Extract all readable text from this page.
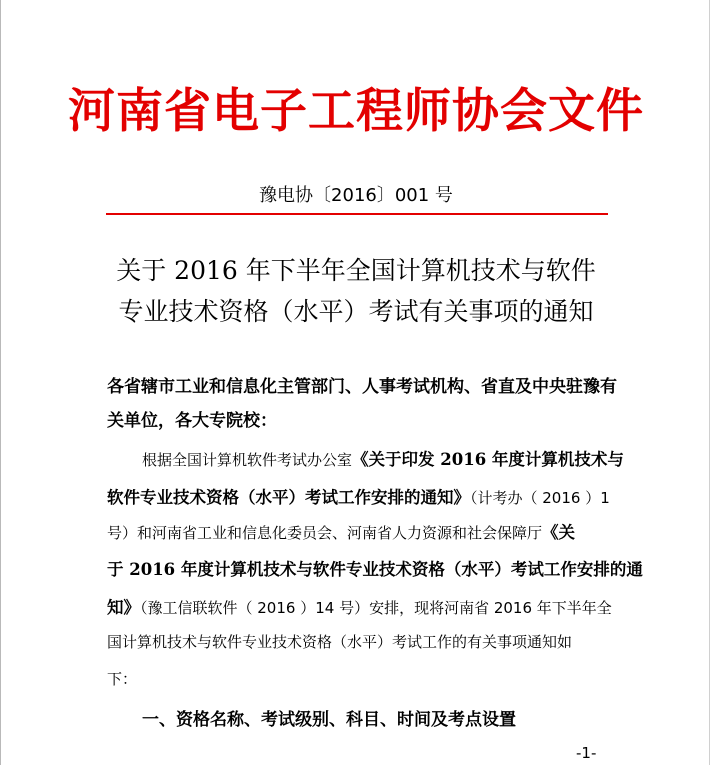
河南省电子工程师协会文件
豫电协〔2016〕001 号
关于 2016 年下半年全国计算机技术与软件
专业技术资格（水平）考试有关事项的通知
各省辖市工业和信息化主管部门、人事考试机构、省直及中央驻豫有
关单位，各大专院校：
根据全国计算机软件考试办公室《关于印发 2016 年度计算机技术与
软件专业技术资格（水平）考试工作安排的通知》（计考办（ 2016 ）1
号）和河南省工业和信息化委员会、河南省人力资源和社会保障厅《关
于 2016 年度计算机技术与软件专业技术资格（水平）考试工作安排的通
知》（豫工信联软件（ 2016 ）14 号）安排，现将河南省 2016 年下半年全
国计算机技术与软件专业技术资格（水平）考试工作的有关事项通知如
下：
一、资格名称、考试级别、科目、时间及考点设置
-1-
